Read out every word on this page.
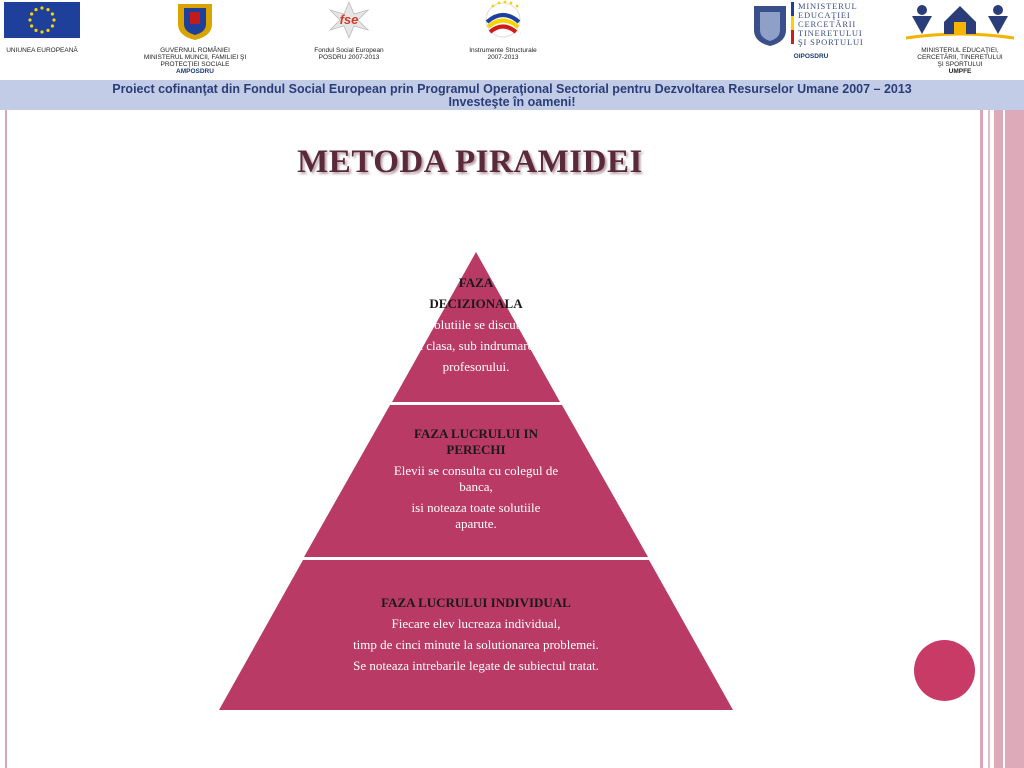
UNIUNEA EUROPEANĂ	GUVERNUL ROMÂNIEI
MINISTERUL MUNCII, FAMILIEI ŞI
PROTECŢIEI SOCIALE
AMPOSDRU
fse
Fondul Social European
POSDRU 2007-2013
Instrumente Structurale
2007-2013
MINISTERUL
EDUCAŢIEI
CERCETĂRII
TINERETULUI
ŞI SPORTULUI
OIPOSDRU
MINISTERUL EDUCAŢIEI,
CERCETĂRII, TINERETULUI
ŞI SPORTULUI
UMPFE
Proiect cofinanţat din Fondul Social European prin Programul Operaţional Sectorial pentru Dezvoltarea Resurselor Umane 2007 – 2013
Investeşte în oameni!
METODA PIRAMIDEI
FAZA
DECIZIONALA
Solutiile se discuta
in clasa, sub indrumarea
profesorului.
FAZA LUCRULUI IN
PERECHI
Elevii se consulta cu colegul de
banca,
isi noteaza toate solutiile
aparute.
FAZA LUCRULUI INDIVIDUAL
Fiecare elev lucreaza individual,
timp de cinci minute la solutionarea problemei.
Se noteaza intrebarile legate de subiectul tratat.
